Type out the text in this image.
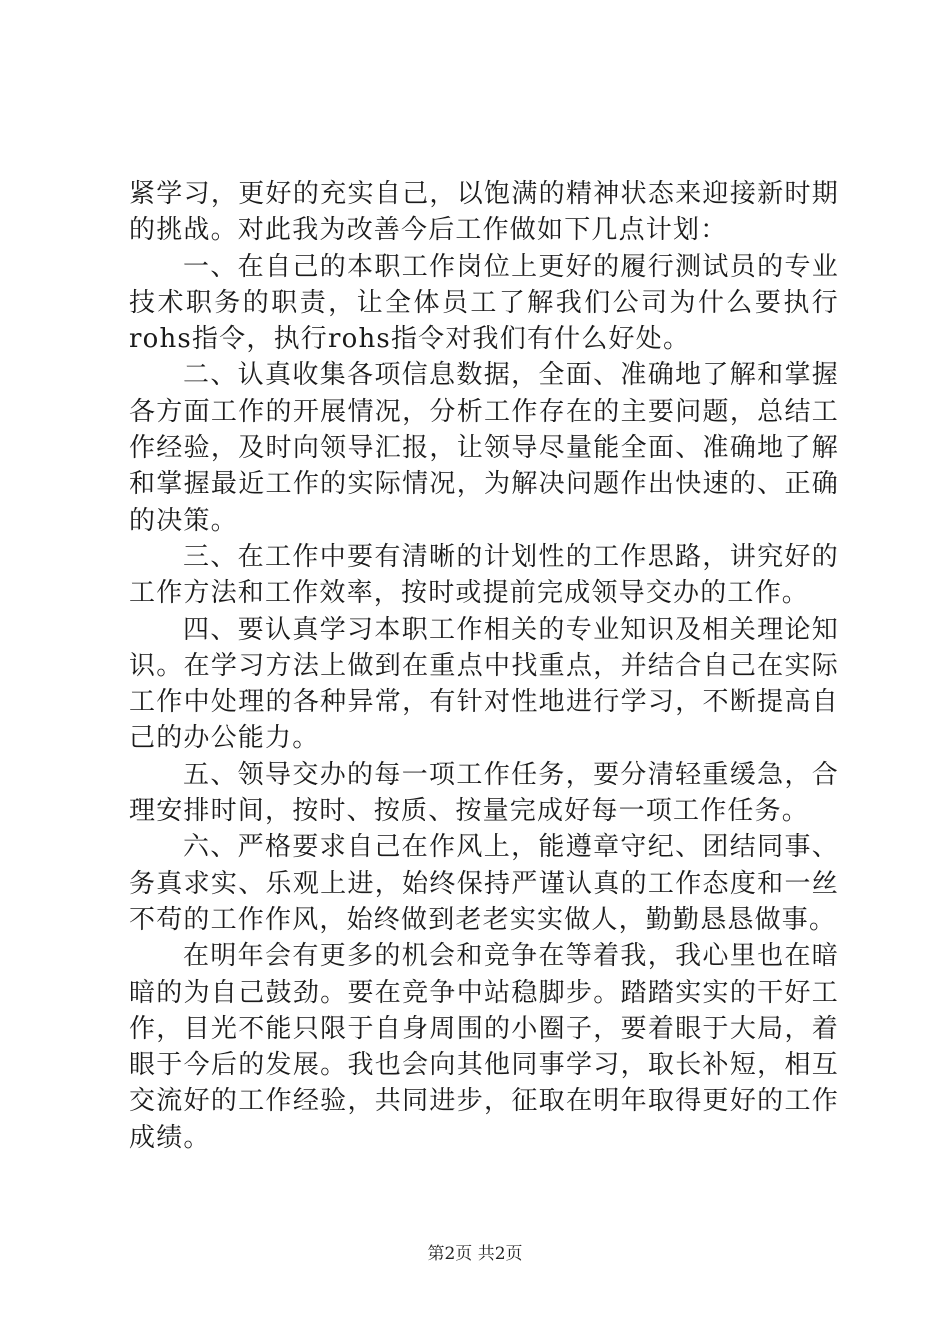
紧学习，更好的充实自己，以饱满的精神状态来迎接新时期的挑战。对此我为改善今后工作做如下几点计划：

一、在自己的本职工作岗位上更好的履行测试员的专业技术职务的职责，让全体员工了解我们公司为什么要执行rohs指令，执行rohs指令对我们有什么好处。

二、认真收集各项信息数据，全面、准确地了解和掌握各方面工作的开展情况，分析工作存在的主要问题，总结工作经验，及时向领导汇报，让领导尽量能全面、准确地了解和掌握最近工作的实际情况，为解决问题作出快速的、正确的决策。

三、在工作中要有清晰的计划性的工作思路，讲究好的工作方法和工作效率，按时或提前完成领导交办的工作。

四、要认真学习本职工作相关的专业知识及相关理论知识。在学习方法上做到在重点中找重点，并结合自己在实际工作中处理的各种异常，有针对性地进行学习，不断提高自己的办公能力。

五、领导交办的每一项工作任务，要分清轻重缓急，合理安排时间，按时、按质、按量完成好每一项工作任务。

六、严格要求自己在作风上，能遵章守纪、团结同事、务真求实、乐观上进，始终保持严谨认真的工作态度和一丝不苟的工作作风，始终做到老老实实做人，勤勤恳恳做事。

在明年会有更多的机会和竞争在等着我，我心里也在暗暗的为自己鼓劲。要在竞争中站稳脚步。踏踏实实的干好工作，目光不能只限于自身周围的小圈子，要着眼于大局，着眼于今后的发展。我也会向其他同事学习，取长补短，相互交流好的工作经验，共同进步，征取在明年取得更好的工作成绩。

第2页 共2页
